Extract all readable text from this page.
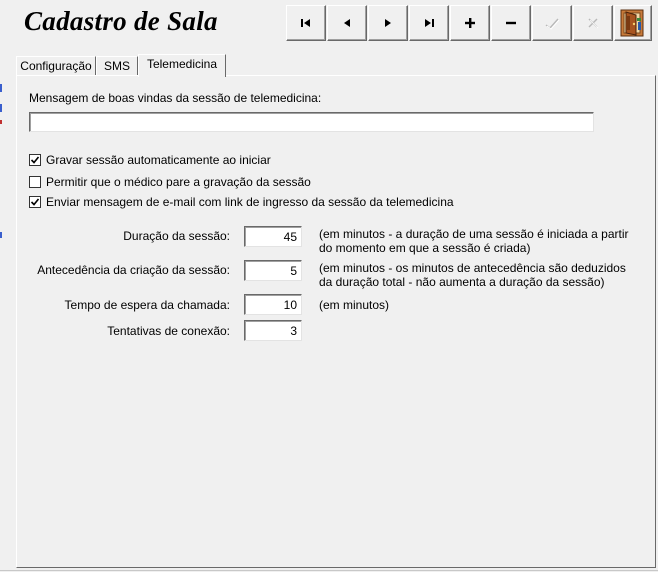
Cadastro de Sala
Configuração	SMS	Telemedicina
Mensagem de boas vindas da sessão de telemedicina:
Gravar sessão automaticamente ao iniciar
Permitir que o médico pare a gravação da sessão
Enviar mensagem de e-mail com link de ingresso da sessão da telemedicina
Duração da sessão:
45	(em minutos - a duração de uma sessão é iniciada a partir
do momento em que a sessão é criada)
Antecedência da criação da sessão:
5	(em minutos - os minutos de antecedência são deduzidos
da duração total - não aumenta a duração da sessão)
Tempo de espera da chamada:
10	(em minutos)
Tentativas de conexão:
3
